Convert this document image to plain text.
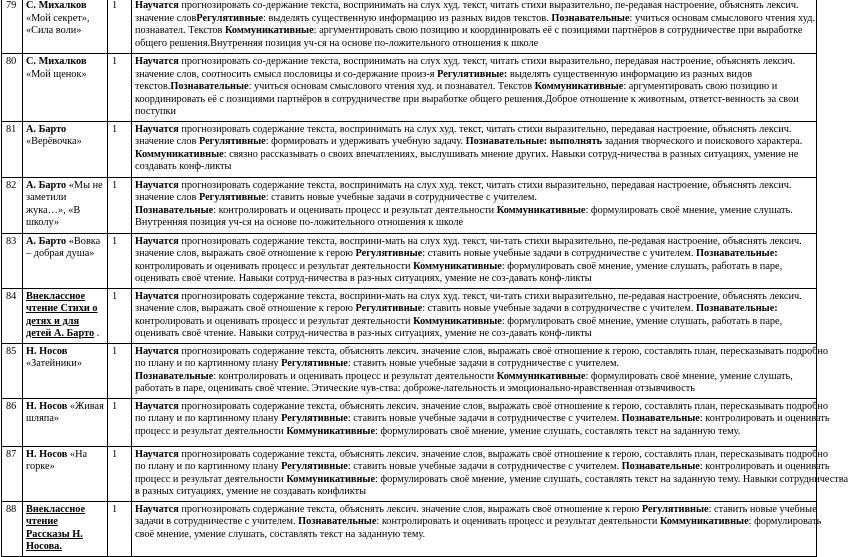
79	С. Михалков «Мой секрет», «Сила воли»	1	Научатся прогнозировать со-держание текста, воспринимать на слух худ. текст, читать стихи выразительно, пе-редавая настроение, объяснять лексич.
значение словРегулятивные: выделять существенную информацию из разных видов текстов. Познавательные: учиться основам смыслового чтения худ.
познавател. Текстов Коммуникативные: аргументировать свою позицию и координировать её с позициями партнёров в сотрудничестве при выработке
общего решения.Внутренняя позиция уч-ся на основе по-ложительного отношения к школе

80	С. Михалков «Мой щенок»	1	Научатся прогнозировать со-держание текста, воспринимать на слух худ. текст, читать стихи выразительно, передавая настроение, объяснять лексич.
значение слов, соотносить смысл пословицы и со-держание произ-я Регулятивные: выделять существенную информацию из разных видов
текстов.Познавательные: учиться основам смыслового чтения худ. и познавател. Текстов Коммуникативные: аргументировать свою позицию и
координировать её с позициями партнёров в сотрудничестве при выработке общего решения.Доброе отношение к животным, ответст-венность за свои
поступки

81	А. Барто «Верёвочка»	1	Научатся прогнозировать содержание текста, воспринимать на слух худ. текст, читать стихи выразительно, передавая настроение, объяснять лексич.
значение слов Регулятивные: формировать и удерживать учебную задачу. Познавательные: выполнять задания творческого и поискового характера.
Коммуникативные: связно рассказывать о своих впечатлениях, выслушивать мнение других. Навыки сотруд-ничества в разных ситуациях, умение не
создавать конф-ликты

82	А. Барто «Мы не заметили жука…», «В школу»	1	Научатся прогнозировать содержание текста, воспринимать на слух худ. текст, читать стихи выразительно, передавая настроение, объяснять лексич.
значение слов Регулятивные: ставить новые учебные задачи в сотрудничестве с учителем.
Познавательные: контролировать и оценивать процесс и результат деятельности Коммуникативные: формулировать своё мнение, умение слушать.
Внутренняя позиция уч-ся на основе по-ложительного отношения к школе

83	А. Барто «Вовка – добрая душа»	1	Научатся прогнозировать содержание текста, восприни-мать на слух худ. текст, чи-тать стихи выразительно, пе-редавая настроение, объяснять лексич.
значение слов, выражать своё отношение к герою Регулятивные: ставить новые учебные задачи в сотрудничестве с учителем. Познавательные:
контролировать и оценивать процесс и результат деятельности Коммуникативные: формулировать своё мнение, умение слушать, работать в паре,
оценивать своё чтение. Навыки сотруд-ничества в раз-ных ситуациях, умение не соз-давать конф-ликты

84	Внеклассное чтение Стихи о детях и для детей А. Барто .	1	Научатся прогнозировать содержание текста, восприни-мать на слух худ. текст, чи-тать стихи выразительно, пе-редавая настроение, объяснять лексич.
значение слов, выражать своё отношение к герою Регулятивные: ставить новые учебные задачи в сотрудничестве с учителем. Познавательные:
контролировать и оценивать процесс и результат деятельности Коммуникативные: формулировать своё мнение, умение слушать, работать в паре,
оценивать своё чтение. Навыки сотруд-ничества в раз-ных ситуациях, умение не соз-давать конф-ликты

85	Н. Носов «Затейники»	1	Научатся прогнозировать содержание текста, объяснять лексич. значение слов, выражать своё отношение к герою, составлять план, пересказывать подробно
по плану и по картинному плану Регулятивные: ставить новые учебные задачи в сотрудничестве с учителем.
Познавательные: контролировать и оценивать процесс и результат деятельности Коммуникативные: формулировать своё мнение, умение слушать,
работать в паре, оценивать своё чтение. Этические чув-ства: доброже-лательность и эмоционально-нравственная отзывчивость

86	Н. Носов «Живая шляпа»	1	Научатся прогнозировать содержание текста, объяснять лексич. значение слов, выражать своё отношение к герою, составлять план, пересказывать подробно
по плану и по картинному плану Регулятивные: ставить новые учебные задачи в сотрудничестве с учителем. Познавательные: контролировать и оценивать
процесс и результат деятельности Коммуникативные: формулировать своё мнение, умение слушать, составлять текст на заданную тему.

87	Н. Носов «На горке»	1	Научатся прогнозировать содержание текста, объяснять лексич. значение слов, выражать своё отношение к герою, составлять план, пересказывать подробно
по плану и по картинному плану Регулятивные: ставить новые учебные задачи в сотрудничестве с учителем. Познавательные: контролировать и оценивать
процесс и результат деятельности Коммуникативные: формулировать своё мнение, умение слушать, составлять текст на заданную тему. Навыки сотрудничества
в разных ситуациях, умение не создавать конфликты

88	Внеклассное чтение Рассказы Н. Носова.	1	Научатся прогнозировать содержание текста, объяснять лексич. значение слов, выражать своё отношение к герою Регулятивные: ставить новые учебные
задачи в сотрудничестве с учителем. Познавательные: контролировать и оценивать процесс и результат деятельности Коммуникативные: формулировать
своё мнение, умение слушать, составлять текст на заданную тему.
